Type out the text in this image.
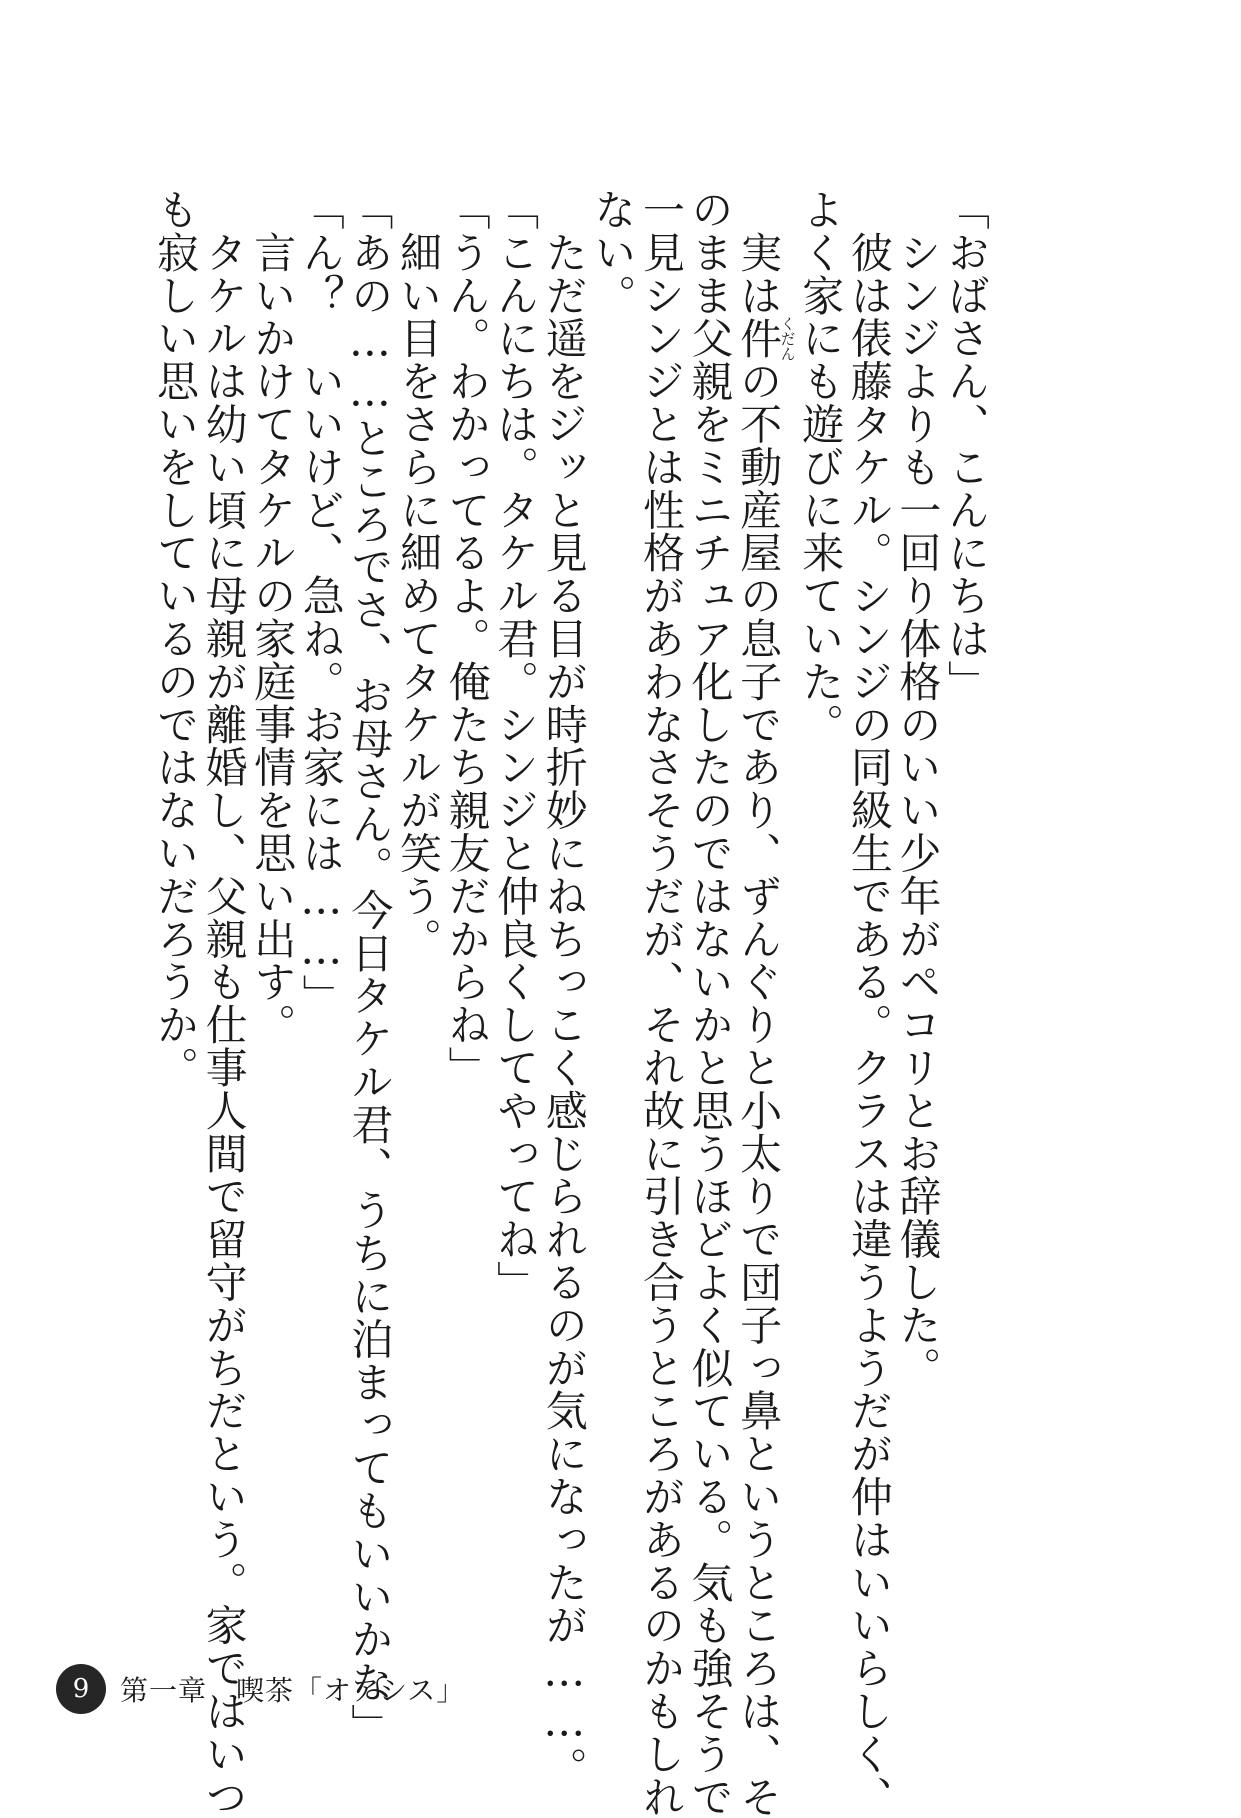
「おばさん、こんにちは」
　シンジよりも一回り体格のいい少年がペコリとお辞儀した。
　彼は俵藤タケル。シンジの同級生である。クラスは違うようだが仲はいいらしく、
よく家にも遊びに来ていた。
　実は件くだんの不動産屋の息子であり、ずんぐりと小太りで団子っ鼻というところは、そ
のまま父親をミニチュア化したのではないかと思うほどよく似ている。気も強そうで
一見シンジとは性格があわなさそうだが、それ故に引き合うところがあるのかもしれ
ない。
　ただ遥をジッと見る目が時折妙にねちっこく感じられるのが気になったが……。
「こんにちは。タケル君。シンジと仲良くしてやってね」
「うん。わかってるよ。俺たち親友だからね」
　細い目をさらに細めてタケルが笑う。
「あの……ところでさ、お母さん。今日タケル君、うちに泊まってもいいかな」
「ん？　いいけど、急ね。お家には……」
　言いかけてタケルの家庭事情を思い出す。
　タケルは幼い頃に母親が離婚し、父親も仕事人間で留守がちだという。家ではいつ
も寂しい思いをしているのではないだろうか。
9	第一章　喫茶「オアシス」
